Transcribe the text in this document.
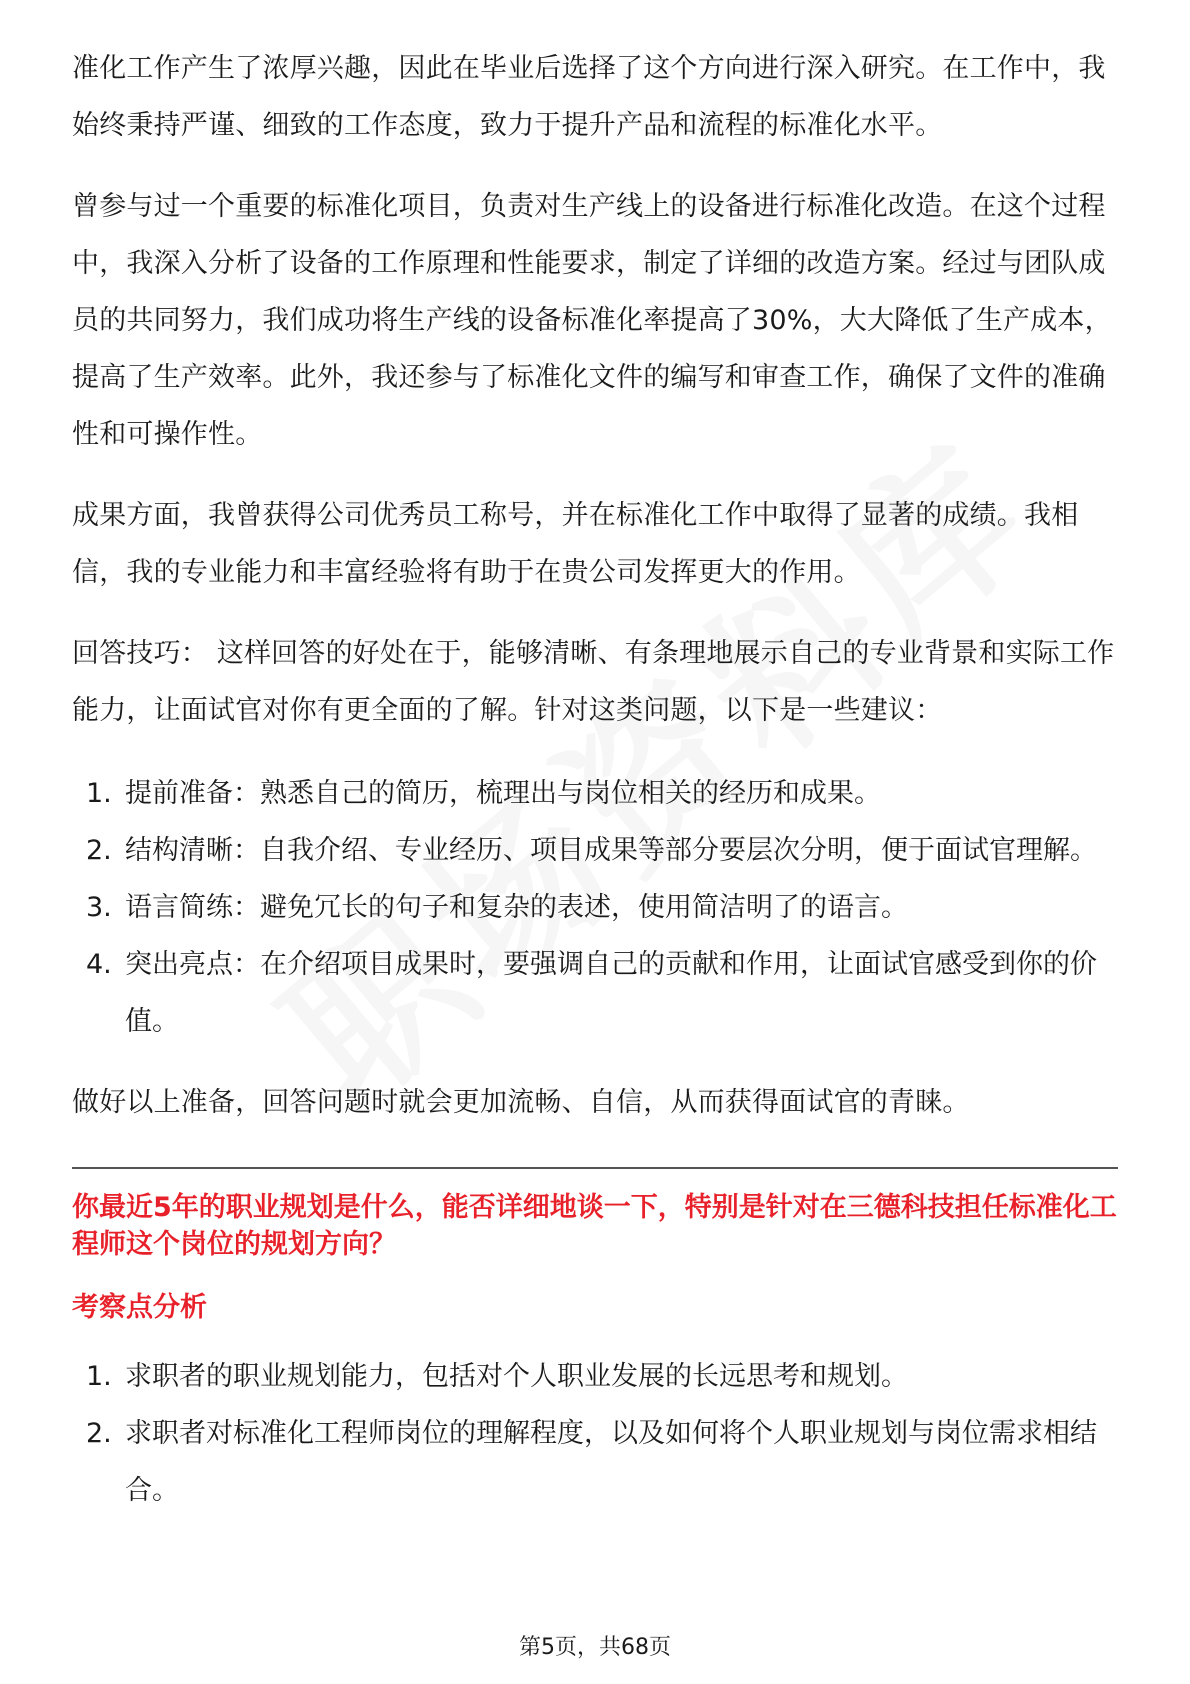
准化工作产生了浓厚兴趣，因此在毕业后选择了这个方向进行深入研究。在工作中，我始终秉持严谨、细致的工作态度，致力于提升产品和流程的标准化水平。

曾参与过一个重要的标准化项目，负责对生产线上的设备进行标准化改造。在这个过程中，我深入分析了设备的工作原理和性能要求，制定了详细的改造方案。经过与团队成员的共同努力，我们成功将生产线的设备标准化率提高了30%，大大降低了生产成本，提高了生产效率。此外，我还参与了标准化文件的编写和审查工作，确保了文件的准确性和可操作性。

成果方面，我曾获得公司优秀员工称号，并在标准化工作中取得了显著的成绩。我相信，我的专业能力和丰富经验将有助于在贵公司发挥更大的作用。

回答技巧： 这样回答的好处在于，能够清晰、有条理地展示自己的专业背景和实际工作能力，让面试官对你有更全面的了解。针对这类问题，以下是一些建议：

1. 提前准备：熟悉自己的简历，梳理出与岗位相关的经历和成果。
2. 结构清晰：自我介绍、专业经历、项目成果等部分要层次分明，便于面试官理解。
3. 语言简练：避免冗长的句子和复杂的表述，使用简洁明了的语言。
4. 突出亮点：在介绍项目成果时，要强调自己的贡献和作用，让面试官感受到你的价值。

做好以上准备，回答问题时就会更加流畅、自信，从而获得面试官的青睐。

你最近5年的职业规划是什么，能否详细地谈一下，特别是针对在三德科技担任标准化工程师这个岗位的规划方向？

考察点分析

1. 求职者的职业规划能力，包括对个人职业发展的长远思考和规划。
2. 求职者对标准化工程师岗位的理解程度，以及如何将个人职业规划与岗位需求相结合。
第5页，共68页
